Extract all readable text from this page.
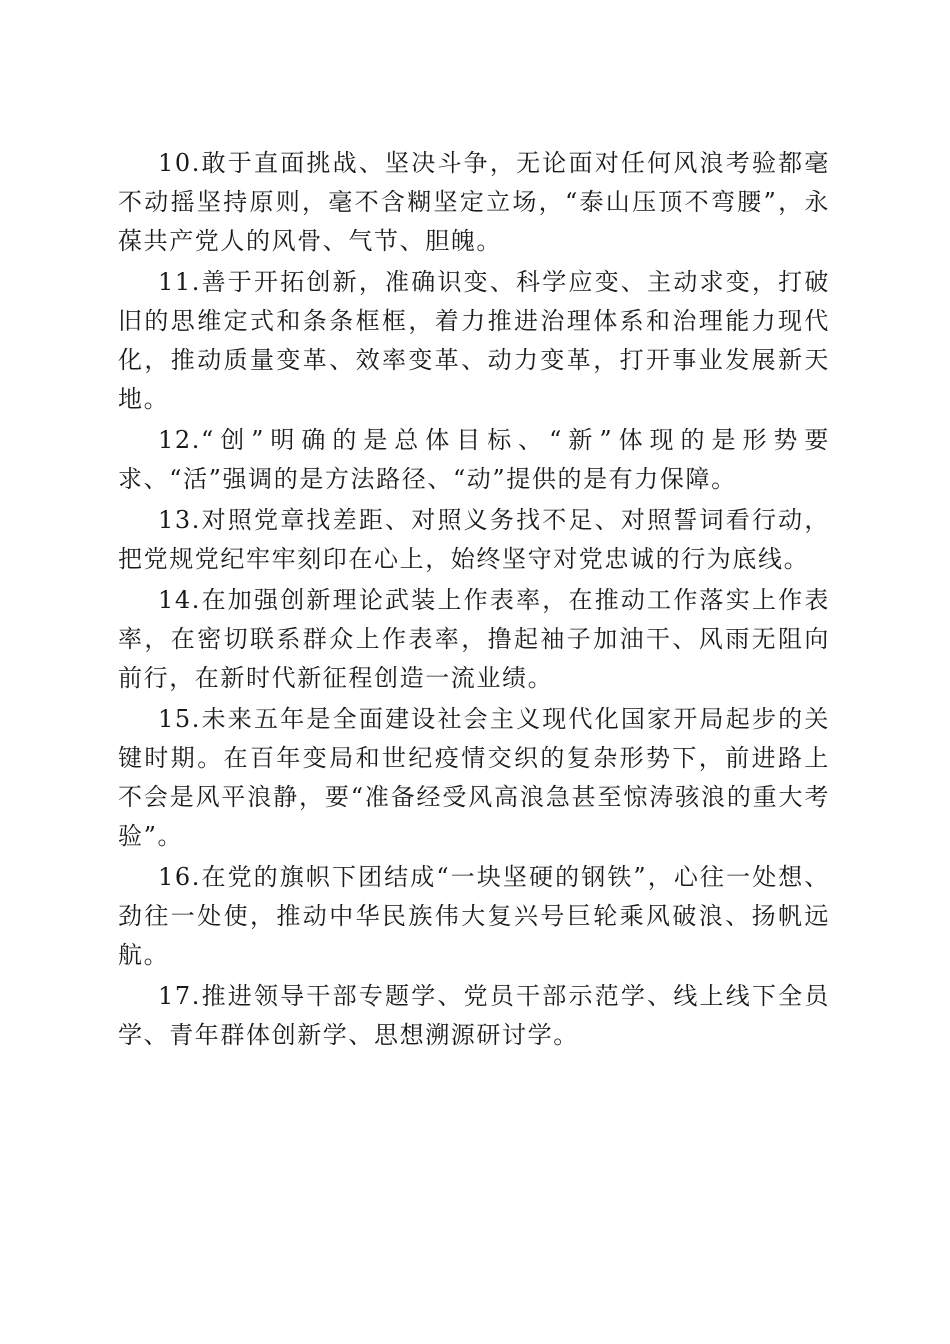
10.敢于直面挑战、坚决斗争，无论面对任何风浪考验都毫不动摇坚持原则，毫不含糊坚定立场，“泰山压顶不弯腰”，永葆共产党人的风骨、气节、胆魄。

11.善于开拓创新，准确识变、科学应变、主动求变，打破旧的思维定式和条条框框，着力推进治理体系和治理能力现代化，推动质量变革、效率变革、动力变革，打开事业发展新天地。

12.“创”明确的是总体目标、“新”体现的是形势要求、“活”强调的是方法路径、“动”提供的是有力保障。

13.对照党章找差距、对照义务找不足、对照誓词看行动，把党规党纪牢牢刻印在心上，始终坚守对党忠诚的行为底线。

14.在加强创新理论武装上作表率，在推动工作落实上作表率，在密切联系群众上作表率，撸起袖子加油干、风雨无阻向前行，在新时代新征程创造一流业绩。

15.未来五年是全面建设社会主义现代化国家开局起步的关键时期。在百年变局和世纪疫情交织的复杂形势下，前进路上不会是风平浪静，要“准备经受风高浪急甚至惊涛骇浪的重大考验”。

16.在党的旗帜下团结成“一块坚硬的钢铁”，心往一处想、劲往一处使，推动中华民族伟大复兴号巨轮乘风破浪、扬帆远航。

17.推进领导干部专题学、党员干部示范学、线上线下全员学、青年群体创新学、思想溯源研讨学。
